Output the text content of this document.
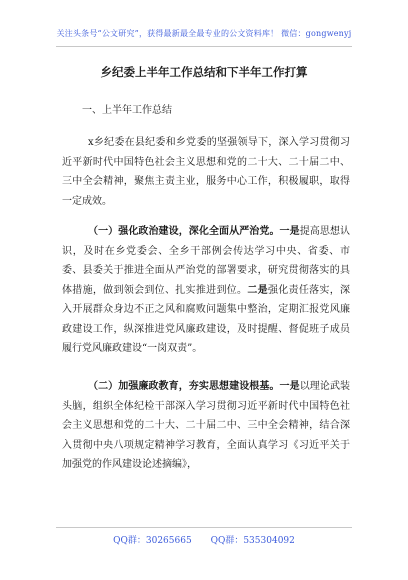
关注头条号“公文研究”，获得最新最全最专业的公文资料库！ 微信：gongwenyj
乡纪委上半年工作总结和下半年工作打算
一、上半年工作总结

x乡纪委在县纪委和乡党委的坚强领导下，深入学习贯彻习近平新时代中国特色社会主义思想和党的二十大、二十届二中、三中全会精神，聚焦主责主业，服务中心工作，积极履职，取得一定成效。

（一）强化政治建设，深化全面从严治党。一是提高思想认识，及时在乡党委会、全乡干部例会传达学习中央、省委、市委、县委关于推进全面从严治党的部署要求，研究贯彻落实的具体措施，做到领会到位、扎实推进到位。二是强化责任落实，深入开展群众身边不正之风和腐败问题集中整治，定期汇报党风廉政建设工作，纵深推进党风廉政建设，及时提醒、督促班子成员履行党风廉政建设“一岗双责”。

（二）加强廉政教育，夯实思想建设根基。一是以理论武装头脑，组织全体纪检干部深入学习贯彻习近平新时代中国特色社会主义思想和党的二十大、二十届二中、三中全会精神，结合深入贯彻中央八项规定精神学习教育，全面认真学习《习近平关于加强党的作风建设论述摘编》，

QQ群：30265665 QQ群：535304092
